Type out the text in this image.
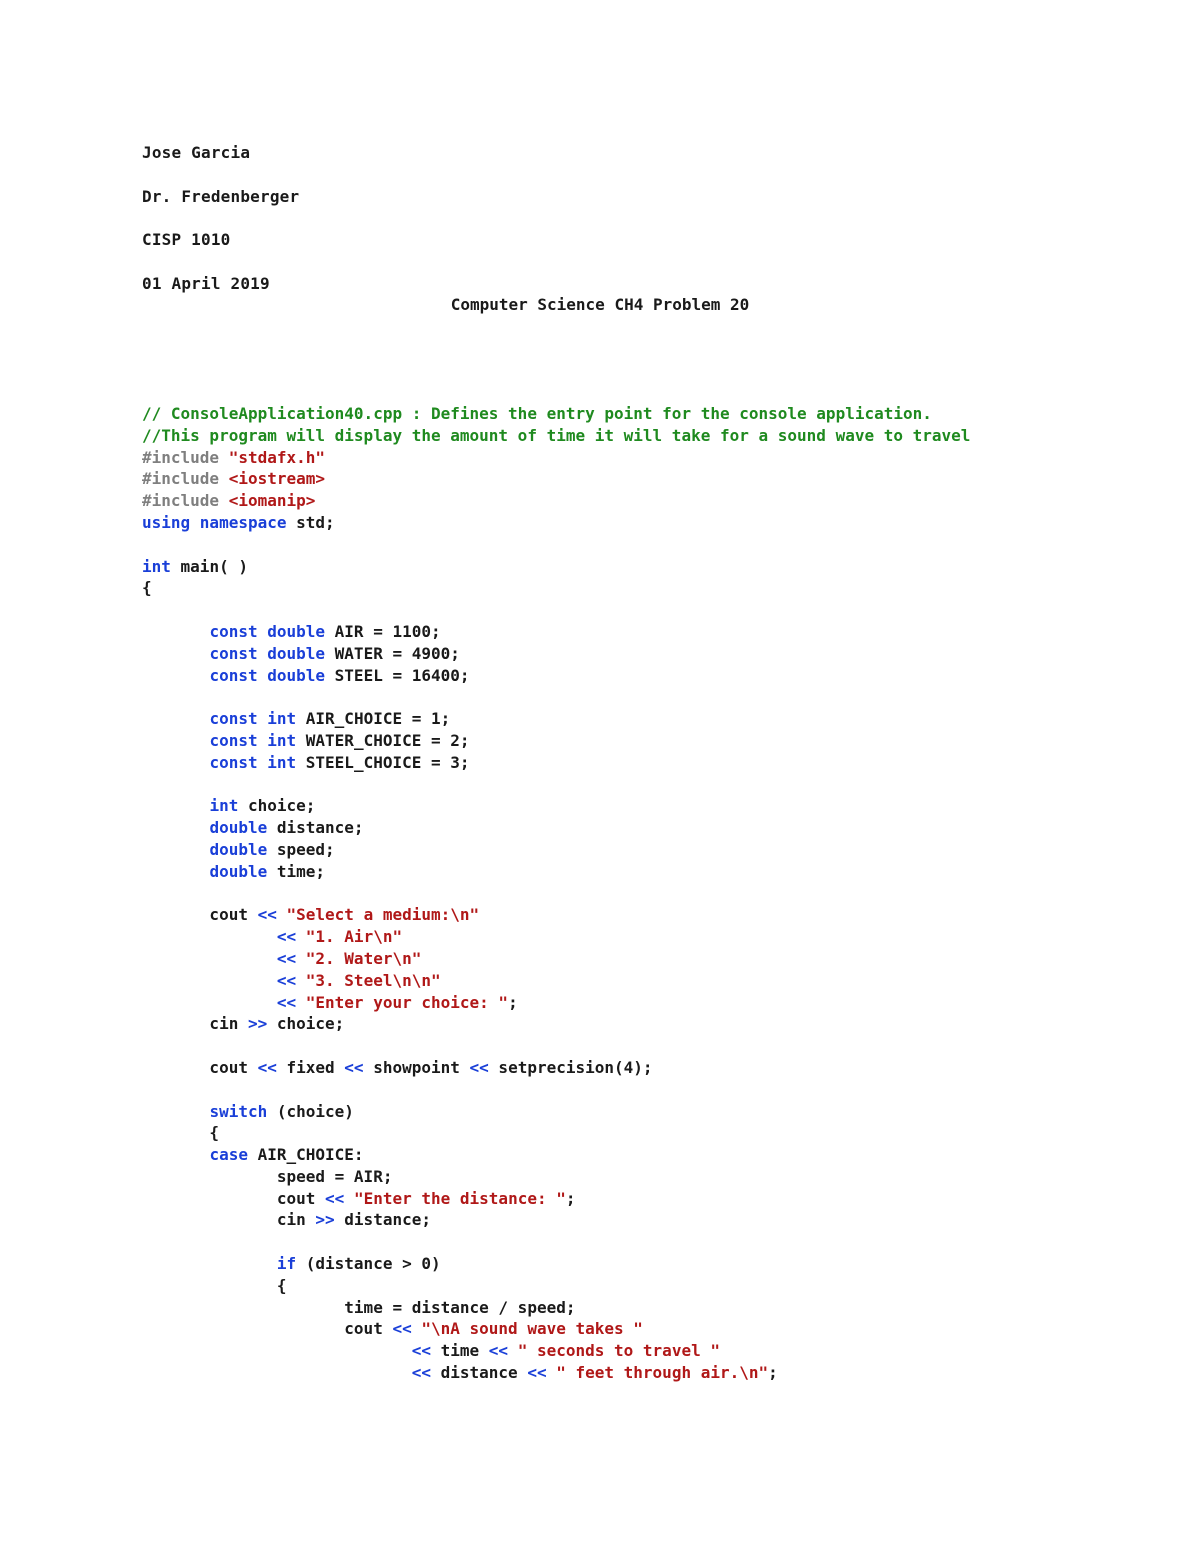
Jose Garcia
Dr. Fredenberger
CISP 1010
01 April 2019
Computer Science CH4 Problem 20
// ConsoleApplication40.cpp : Defines the entry point for the console application.
//This program will display the amount of time it will take for a sound wave to travel
#include "stdafx.h"
#include <iostream>
#include <iomanip>
using namespace std;
int main( )
{
const double AIR = 1100;
const double WATER = 4900;
const double STEEL = 16400;
const int AIR_CHOICE = 1;
const int WATER_CHOICE = 2;
const int STEEL_CHOICE = 3;
int choice;
double distance;
double speed;
double time;
cout << "Select a medium:\n"
<< "1. Air\n"
<< "2. Water\n"
<< "3. Steel\n\n"
<< "Enter your choice: ";
cin >> choice;
cout << fixed << showpoint << setprecision(4);
switch (choice)
{
case AIR_CHOICE:
speed = AIR;
cout << "Enter the distance: ";
cin >> distance;
if (distance > 0)
{
time = distance / speed;
cout << "\nA sound wave takes "
<< time << " seconds to travel "
<< distance << " feet through air.\n";
